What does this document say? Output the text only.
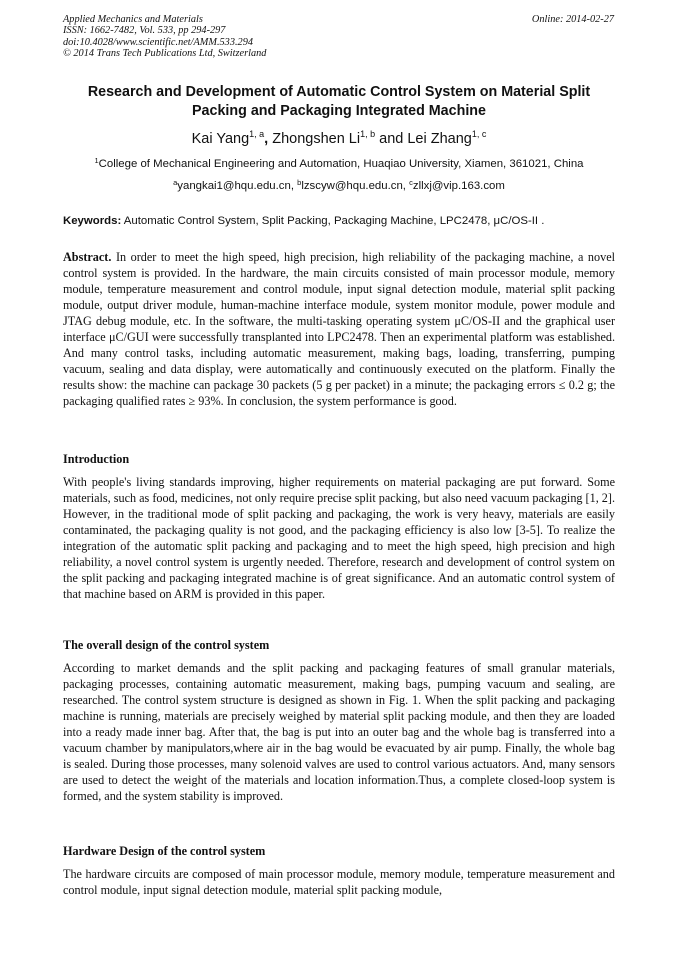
Applied Mechanics and Materials
ISSN: 1662-7482, Vol. 533, pp 294-297
doi:10.4028/www.scientific.net/AMM.533.294
© 2014 Trans Tech Publications Ltd, Switzerland
Online: 2014-02-27
Research and Development of Automatic Control System on Material Split Packing and Packaging Integrated Machine
Kai Yang$^{1, a}$, Zhongshen Li$^{1, b}$ and Lei Zhang$^{1, c}$
$^1$College of Mechanical Engineering and Automation, Huaqiao University, Xiamen, 361021, China
$^a$yangkai1@hqu.edu.cn, $^b$lzscyw@hqu.edu.cn, $^c$zllxj@vip.163.com
Keywords: Automatic Control System, Split Packing, Packaging Machine, LPC2478, μC/OS-II .
Abstract. In order to meet the high speed, high precision, high reliability of the packaging machine, a novel control system is provided. In the hardware, the main circuits consisted of main processor module, memory module, temperature measurement and control module, input signal detection module, material split packing module, output driver module, human-machine interface module, system monitor module, power module and JTAG debug module, etc. In the software, the multi-tasking operating system μC/OS-II and the graphical user interface μC/GUI were successfully transplanted into LPC2478. Then an experimental platform was established. And many control tasks, including automatic measurement, making bags, loading, transferring, pumping vacuum, sealing and data display, were automatically and continuously executed on the platform. Finally the results show: the machine can package 30 packets (5 g per packet) in a minute; the packaging errors ≤ 0.2 g; the packaging qualified rates ≥ 93%. In conclusion, the system performance is good.
Introduction
With people's living standards improving, higher requirements on material packaging are put forward. Some materials, such as food, medicines, not only require precise split packing, but also need vacuum packaging [1, 2]. However, in the traditional mode of split packing and packaging, the work is very heavy, materials are easily contaminated, the packaging quality is not good, and the packaging efficiency is also low [3-5]. To realize the integration of the automatic split packing and packaging and to meet the high speed, high precision and high reliability, a novel control system is urgently needed. Therefore, research and development of control system on the split packing and packaging integrated machine is of great significance. And an automatic control system of that machine based on ARM is provided in this paper.
The overall design of the control system
According to market demands and the split packing and packaging features of small granular materials, packaging processes, containing automatic measurement, making bags, pumping vacuum and sealing, are researched. The control system structure is designed as shown in Fig. 1. When the split packing and packaging machine is running, materials are precisely weighed by material split packing module, and then they are loaded into a ready made inner bag. After that, the bag is put into an outer bag and the whole bag is transferred into a vacuum chamber by manipulators,where air in the bag would be evacuated by air pump. Finally, the whole bag is sealed. During those processes, many solenoid valves are used to control various actuators. And, many sensors are used to detect the weight of the materials and location information.Thus, a complete closed-loop system is formed, and the system stability is improved.
Hardware Design of the control system
The hardware circuits are composed of main processor module, memory module, temperature measurement and control module, input signal detection module, material split packing module,
